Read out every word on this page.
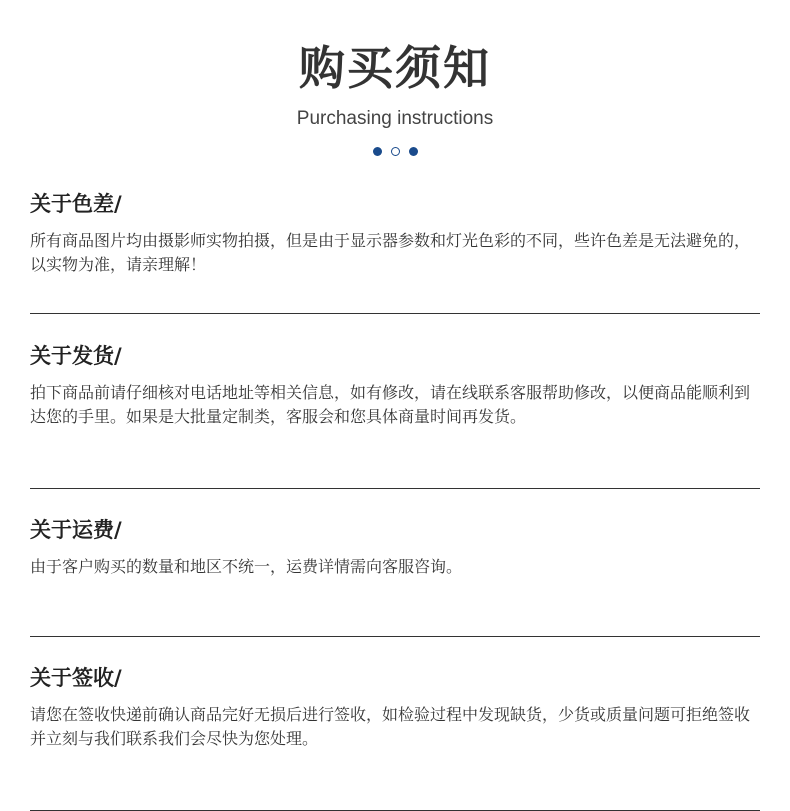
购买须知
Purchasing instructions
关于色差/
所有商品图片均由摄影师实物拍摄，但是由于显示器参数和灯光色彩的不同，些许色差是无法避免的，以实物为准，请亲理解！
关于发货/
拍下商品前请仔细核对电话地址等相关信息，如有修改，请在线联系客服帮助修改，以便商品能顺利到达您的手里。如果是大批量定制类，客服会和您具体商量时间再发货。
关于运费/
由于客户购买的数量和地区不统一，运费详情需向客服咨询。
关于签收/
请您在签收快递前确认商品完好无损后进行签收，如检验过程中发现缺货，少货或质量问题可拒绝签收并立刻与我们联系我们会尽快为您处理。
